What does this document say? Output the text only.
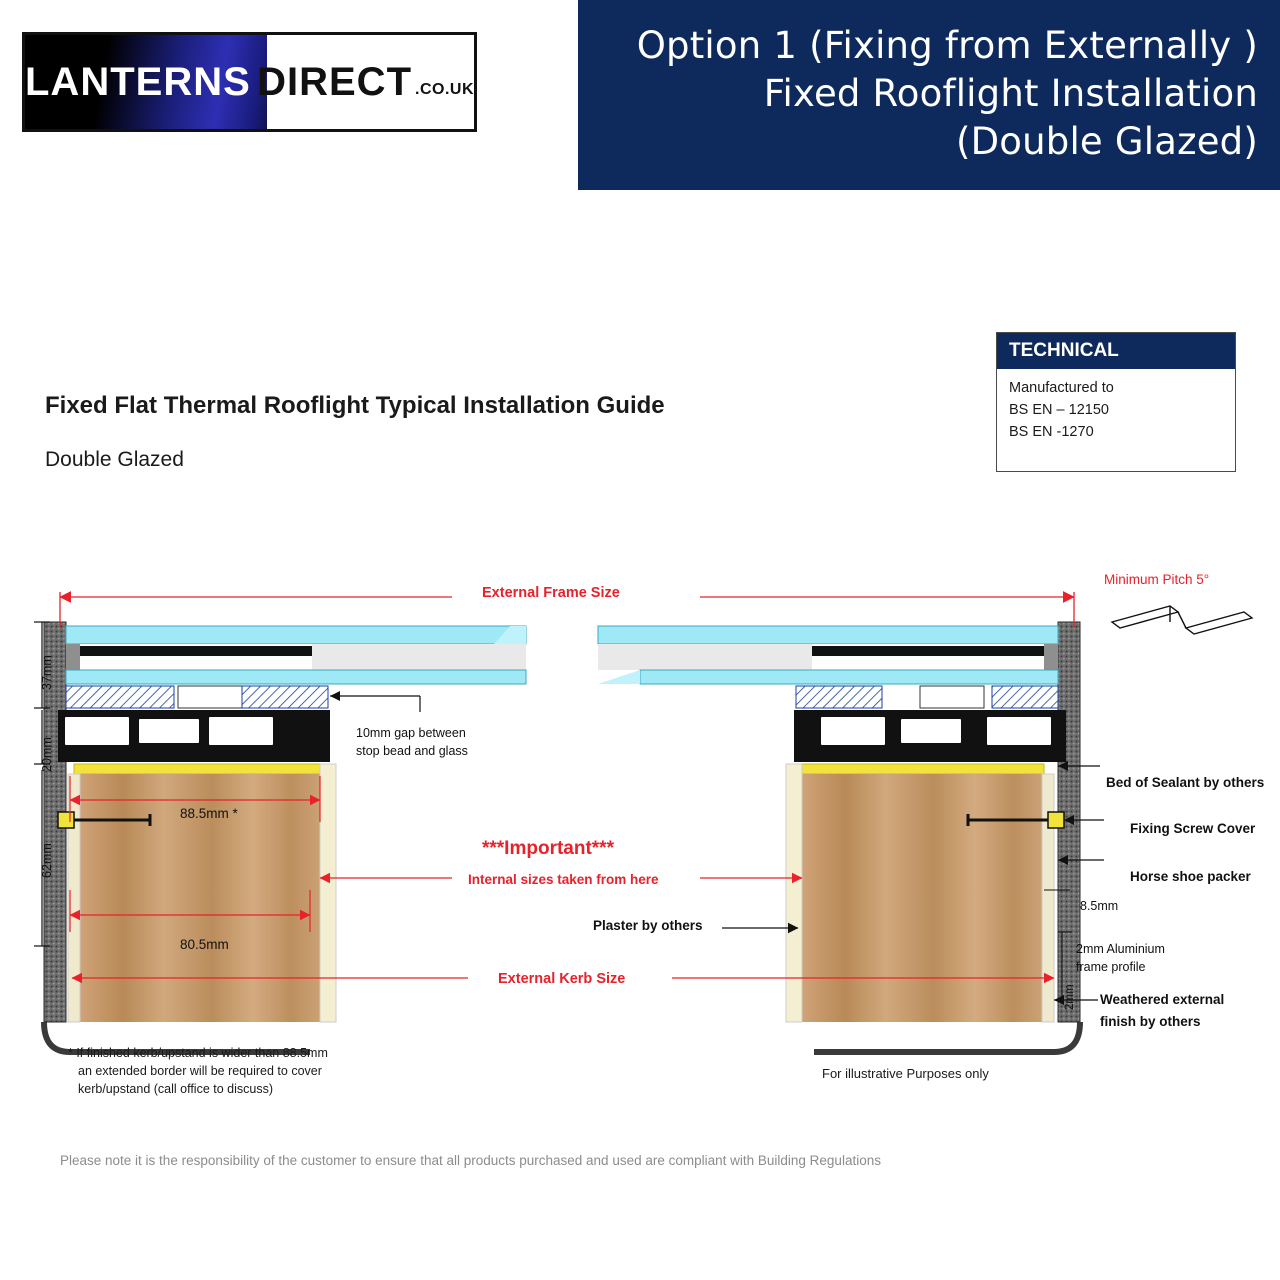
LANTERNS DIRECT .CO.UK
Option 1 (Fixing from Externally )
Fixed Rooflight Installation
(Double Glazed)
Fixed Flat Thermal Rooflight Typical Installation Guide
Double Glazed
TECHNICAL
Manufactured to
BS EN – 12150
BS EN -1270
External Frame Size
Minimum Pitch 5°
37mm
20mm
62mm
88.5mm *
80.5mm
10mm gap between
stop bead and glass
***Important***
Internal sizes taken from here
Plaster by others
External Kerb Size
Bed of Sealant by others
Fixing Screw Cover
Horse shoe packer
8.5mm
2mm Aluminium
frame profile
2mm Weathered external
finish by others
* If finished kerb/upstand is wider than 88.5mm
an extended border will be required to cover
kerb/upstand (call office to discuss)
For illustrative Purposes only
Please note it is the responsibility of the customer to ensure that all products purchased and used are compliant with Building Regulations
